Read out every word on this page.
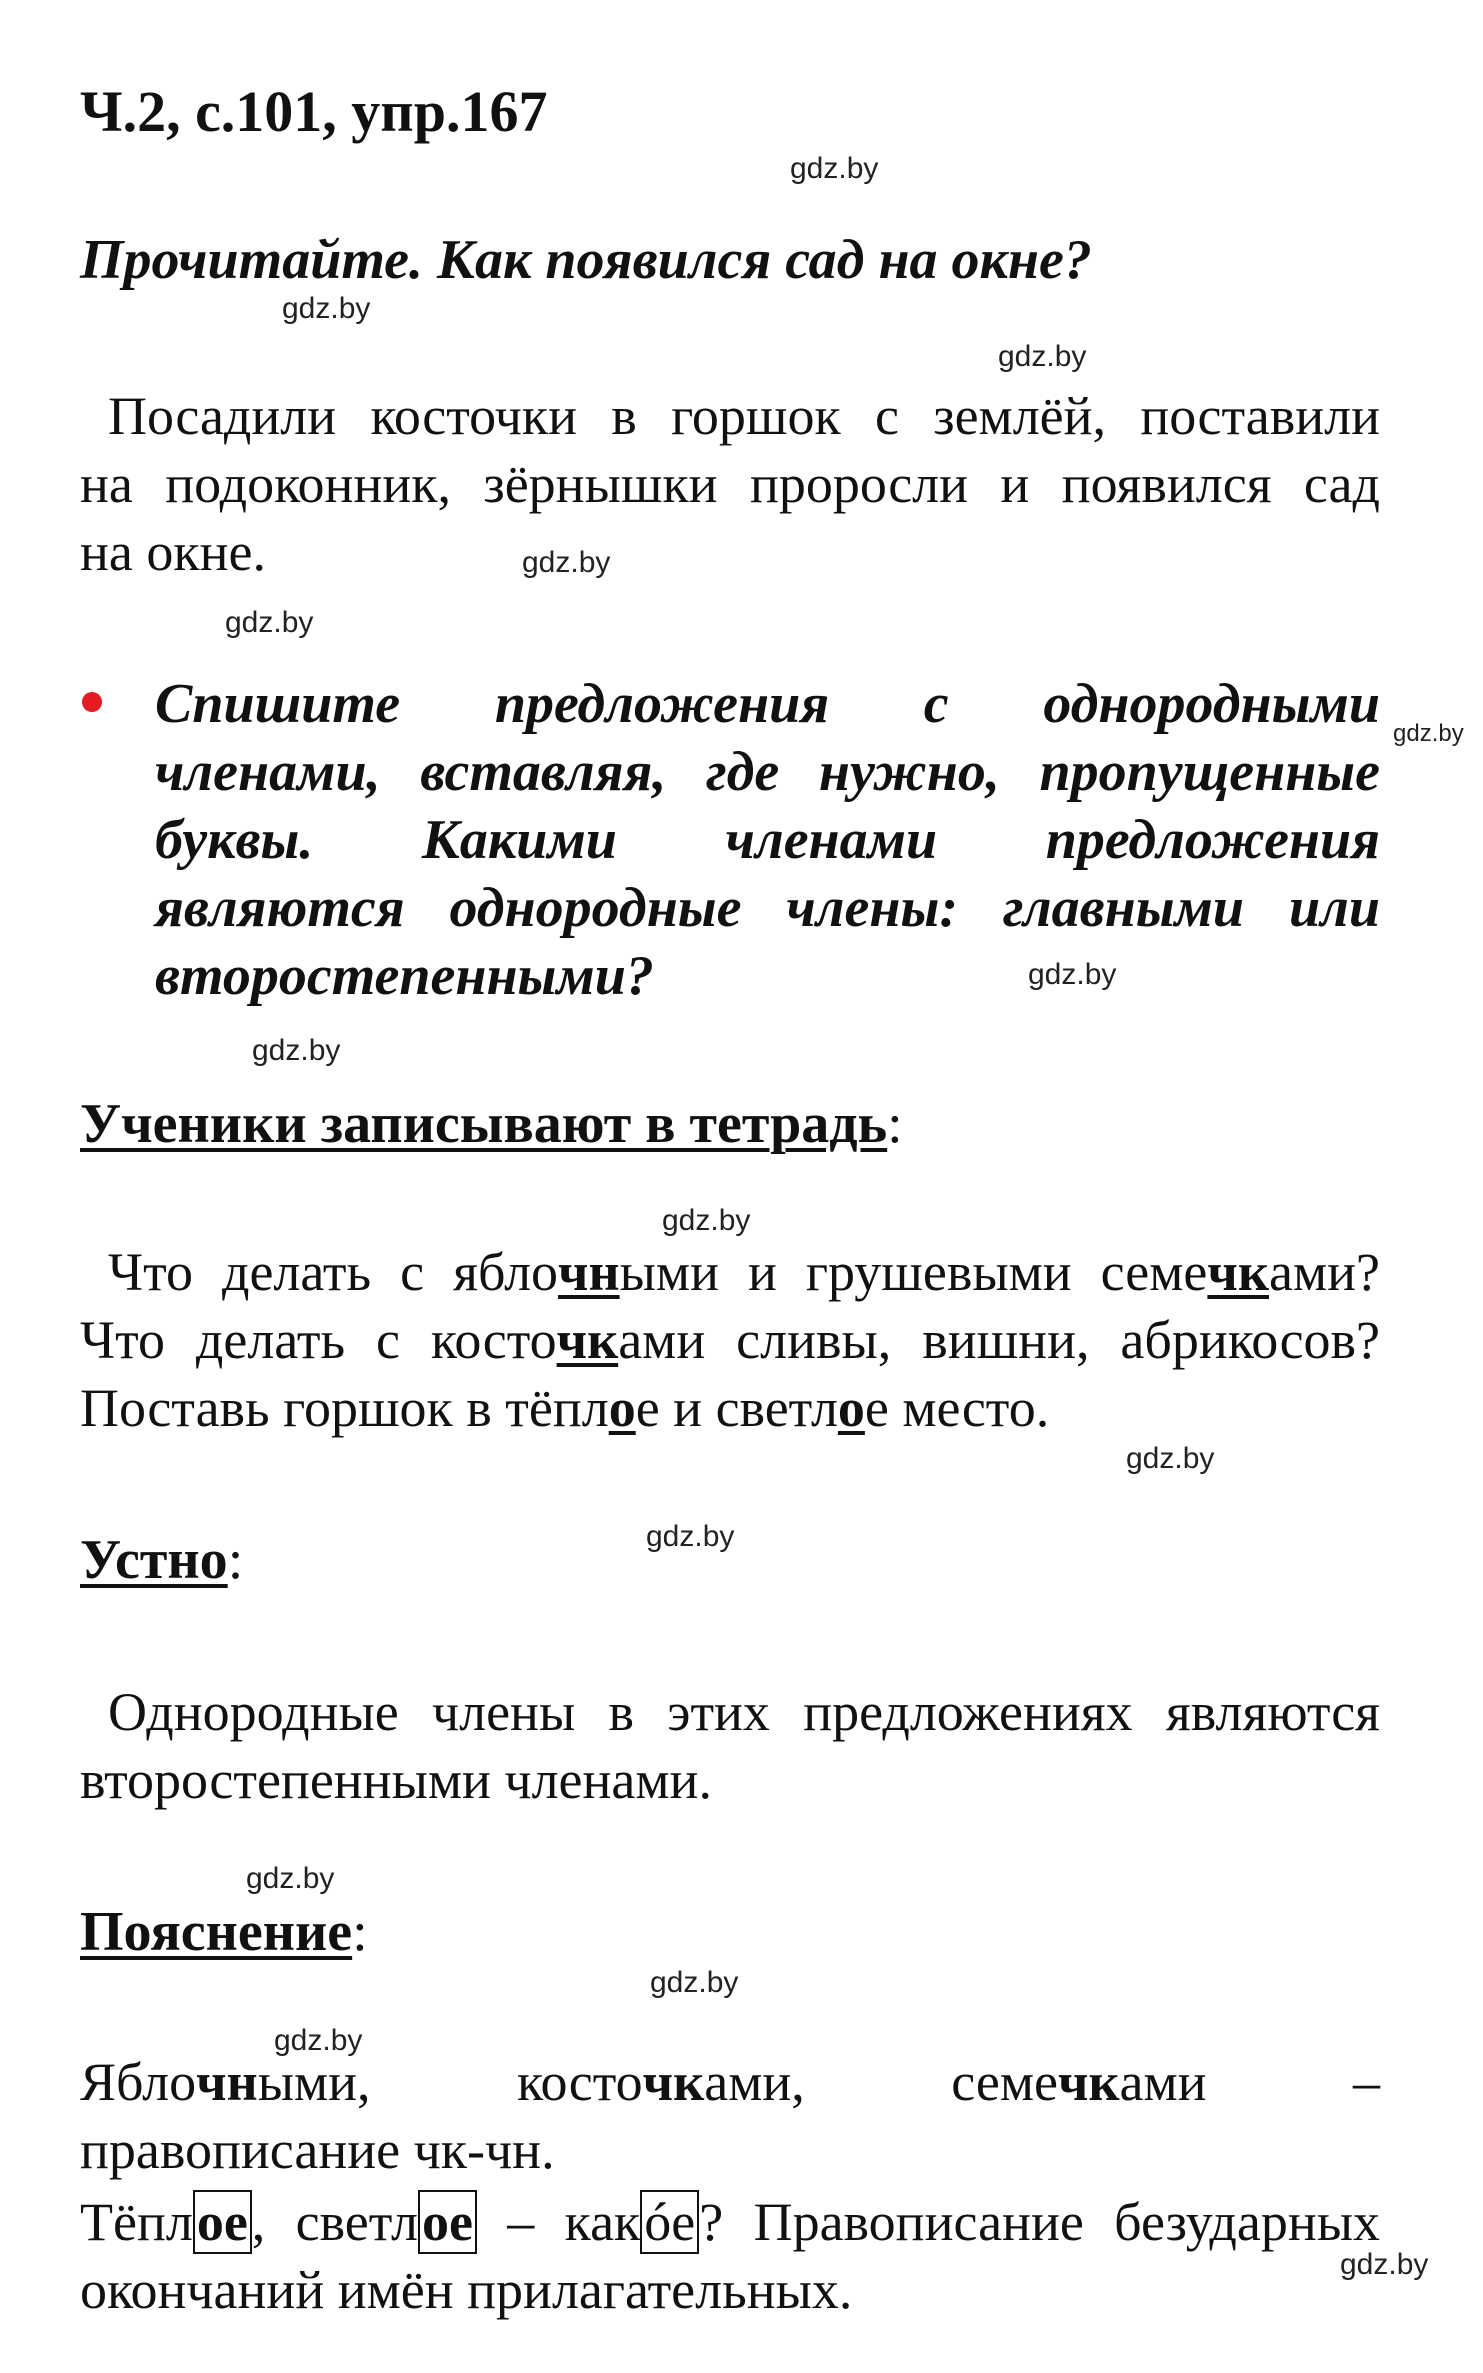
Ч.2, с.101, упр.167
Прочитайте. Как появился сад на окне?
Посадили косточки в горшок с землёй, поставили
на подоконник, зёрнышки проросли и появился сад
на окне.
Спишите предложения с однородными
членами, вставляя, где нужно, пропущенные
буквы. Какими членами предложения
являются однородные члены: главными или
второстепенными?
Ученики записывают в тетрадь:
Что делать с яблочными и грушевыми семечками?
Что делать с косточками сливы, вишни, абрикосов?
Поставь горшок в тёплое и светлое место.
Устно:
Однородные члены в этих предложениях являются
второстепенными членами.
Пояснение:
Яблочными,	косточками,	семечками	–
правописание чк-чн.
Тёплое, светлое – какóе? Правописание безударных
окончаний имён прилагательных.
gdz.by
gdz.by
gdz.by
gdz.by
gdz.by
gdz.by
gdz.by
gdz.by
gdz.by
gdz.by
gdz.by
gdz.by
gdz.by
gdz.by
gdz.by
